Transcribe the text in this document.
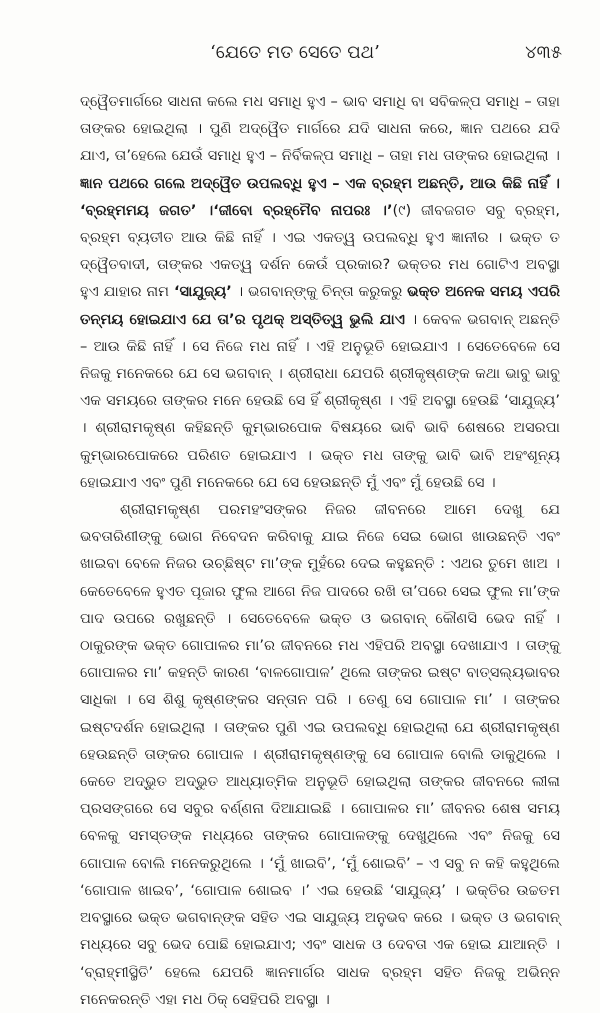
‘ଯେତେ ମତ ସେତେ ପଥ’	୪୩୫

ଦ୍ୱୈତମାର୍ଗରେ ସାଧନା କଲେ ମଧ ସମାଧି ହୁଏ – ଭାବ ସମାଧି ବା ସବିକଳ୍ପ ସମାଧି – ତାହା ତାଙ୍କର ହୋଇଥିଲା । ପୁଣି ଅଦ୍ୱୈତ ମାର୍ଗରେ ଯଦି ସାଧନା କରେ, ଜ୍ଞାନ ପଥରେ ଯଦି ଯାଏ, ତା’ହେଲେ ଯେଉଁ ସମାଧି ହୁଏ – ନିର୍ବିକଳ୍ପ ସମାଧି – ତାହା ମଧ ତାଙ୍କର ହୋଇଥିଲା । ଜ୍ଞାନ ପଥରେ ଗଲେ ଅଦ୍ୱୈତ ଉପଲବ୍ଧି ହୁଏ – ଏକ ବ୍ରହ୍ମ ଅଛନ୍ତି, ଆଉ କିଛି ନାହିଁ । ‘ବ୍ରହ୍ମମୟ ଜଗତ’ ।‘ଜୀବୋ ବ୍ରହ୍ମୈବ ନାପରଃ ।’(୯) ଜୀବଜଗତ ସବୁ ବ୍ରହ୍ମ, ବ୍ରହ୍ମ ବ୍ୟତୀତ ଆଉ କିଛି ନାହିଁ । ଏଇ ଏକତ୍ୱ ଉପଲବ୍ଧି ହୁଏ ଜ୍ଞାନୀର । ଭକ୍ତ ତ ଦ୍ୱୈତବାଦୀ, ତାଙ୍କର ଏକତ୍ୱ ଦର୍ଶନ କେଉଁ ପ୍ରକାର? ଭକ୍ତର ମଧ ଗୋଟିଏ ଅବସ୍ଥା ହୁଏ ଯାହାର ନାମ ‘ସାଯୁଜ୍ୟ’ । ଭଗବାନ୍‌ଙ୍କୁ ଚିନ୍ତା କରୁକରୁ ଭକ୍ତ ଅନେକ ସମୟ ଏପରି ତନ୍ମୟ ହୋଇଯାଏ ଯେ ତା’ର ପୃଥକ୍ ଅସ୍ତିତ୍ୱ ଭୁଲି ଯାଏ । କେବଳ ଭଗବାନ୍ ଅଛନ୍ତି – ଆଉ କିଛି ନାହିଁ । ସେ ନିଜେ ମଧ ନାହିଁ । ଏହି ଅନୁଭୂତି ହୋଇଯାଏ । ସେତେବେଳେ ସେ ନିଜକୁ ମନେକରେ ଯେ ସେ ଭଗବାନ୍ । ଶ୍ରୀରାଧା ଯେପରି ଶ୍ରୀକୃଷ୍ଣଙ୍କ କଥା ଭାବୁ ଭାବୁ ଏକ ସମୟରେ ତାଙ୍କର ମନେ ହେଉଛି ସେ ହିଁ ଶ୍ରୀକୃଷ୍ଣ । ଏହି ଅବସ୍ଥା ହେଉଛି ‘ସାଯୁଜ୍ୟ’ । ଶ୍ରୀରାମକୃଷ୍ଣ କହିଛନ୍ତି କୁମ୍ଭାରପୋକ ବିଷୟରେ ଭାବି ଭାବି ଶେଷରେ ଅସରପା କୁମ୍ଭାରପୋକରେ ପରିଣତ ହୋଇଯାଏ । ଭକ୍ତ ମଧ ତାଙ୍କୁ ଭାବି ଭାବି ଅହଂଶୂନ୍ୟ ହୋଇଯାଏ ଏବଂ ପୁଣି ମନେକରେ ଯେ ସେ ହେଉଛନ୍ତି ମୁଁ ଏବଂ ମୁଁ ହେଉଛି ସେ ।

ଶ୍ରୀରାମକୃଷ୍ଣ ପରମହଂସଙ୍କର ନିଜର ଜୀବନରେ ଆମେ ଦେଖୁ ଯେ ଭବତାରିଣୀଙ୍କୁ ଭୋଗ ନିବେଦନ କରିବାକୁ ଯାଇ ନିଜେ ସେଇ ଭୋଗ ଖାଉଛନ୍ତି ଏବଂ ଖାଇବା ବେଳେ ନିଜର ଉଚ୍ଛିଷ୍ଟ ମା’ଙ୍କ ମୁହଁରେ ଦେଇ କହୁଛନ୍ତି : ଏଥର ତୁମେ ଖାଅ । କେତେବେଳେ ହୁଏତ ପୂଜାର ଫୁଲ ଆଗେ ନିଜ ପାଦରେ ରଖି ତା’ପରେ ସେଇ ଫୁଲ ମା’ଙ୍କ ପାଦ ଉପରେ ରଖୁଛନ୍ତି । ସେତେବେଳେ ଭକ୍ତ ଓ ଭଗବାନ୍ କୌଣସି ଭେଦ ନାହିଁ । ଠାକୁରଙ୍କ ଭକ୍ତ ଗୋପାଳର ମା’ର ଜୀବନରେ ମଧ ଏହିପରି ଅବସ୍ଥା ଦେଖାଯାଏ । ତାଙ୍କୁ ଗୋପାଳର ମା’ କହନ୍ତି କାରଣ ‘ବାଳଗୋପାଳ’ ଥିଲେ ତାଙ୍କର ଇଷ୍ଟ ବାତ୍ସଲ୍ୟଭାବର ସାଧିକା । ସେ ଶିଶୁ କୃଷ୍ଣଙ୍କର ସନ୍ତାନ ପରି । ତେଣୁ ସେ ଗୋପାଳ ମା’ । ତାଙ୍କର ଇଷ୍ଟଦର୍ଶନ ହୋଇଥିଲା । ତାଙ୍କର ପୁଣି ଏଇ ଉପଲବ୍ଧି ହୋଇଥିଲା ଯେ ଶ୍ରୀରାମକୃଷ୍ଣ ହେଉଛନ୍ତି ତାଙ୍କର ଗୋପାଳ । ଶ୍ରୀରାମକୃଷ୍ଣଙ୍କୁ ସେ ଗୋପାଳ ବୋଲି ଡାକୁଥିଲେ । କେତେ ଅଦ୍ଭୁତ ଅଦ୍ଭୁତ ଆଧ୍ୟାତ୍ମିକ ଅନୁଭୂତି ହୋଇଥିଲା ତାଙ୍କର ଜୀବନରେ ଲୀଳା ପ୍ରସଙ୍ଗରେ ସେ ସବୁର ବର୍ଣ୍ଣନା ଦିଆଯାଇଛି । ଗୋପାଳର ମା’ ଜୀବନର ଶେଷ ସମୟ ବେଳକୁ ସମସ୍ତଙ୍କ ମଧ୍ୟରେ ତାଙ୍କର ଗୋପାଳଙ୍କୁ ଦେଖୁଥିଲେ ଏବଂ ନିଜକୁ ସେ ଗୋପାଳ ବୋଲି ମନେକରୁଥିଲେ । ‘ମୁଁ ଖାଇବି’, ‘ମୁଁ ଶୋଇବି’ – ଏ ସବୁ ନ କହି କହୁଥିଲେ ‘ଗୋପାଳ ଖାଇବ’, ‘ଗୋପାଳ ଶୋଇବ ।’ ଏଇ ହେଉଛି ‘ସାଯୁଜ୍ୟ’ । ଭକ୍ତିର ଉଚ୍ଚତମ ଅବସ୍ଥାରେ ଭକ୍ତ ଭଗବାନ୍‌ଙ୍କ ସହିତ ଏଇ ସାଯୁଜ୍ୟ ଅନୁଭବ କରେ । ଭକ୍ତ ଓ ଭଗବାନ୍ ମଧ୍ୟରେ ସବୁ ଭେଦ ପୋଛି ହୋଇଯାଏ; ଏବଂ ସାଧକ ଓ ଦେବତା ଏକ ହୋଇ ଯାଆନ୍ତି । ‘ବ୍ରାହ୍ମୀସ୍ଥିତି’ ହେଲେ ଯେପରି ଜ୍ଞାନମାର୍ଗର ସାଧକ ବ୍ରହ୍ମ ସହିତ ନିଜକୁ ଅଭିନ୍ନ ମନେକରନ୍ତି ଏହା ମଧ ଠିକ୍ ସେହିପରି ଅବସ୍ଥା ।
